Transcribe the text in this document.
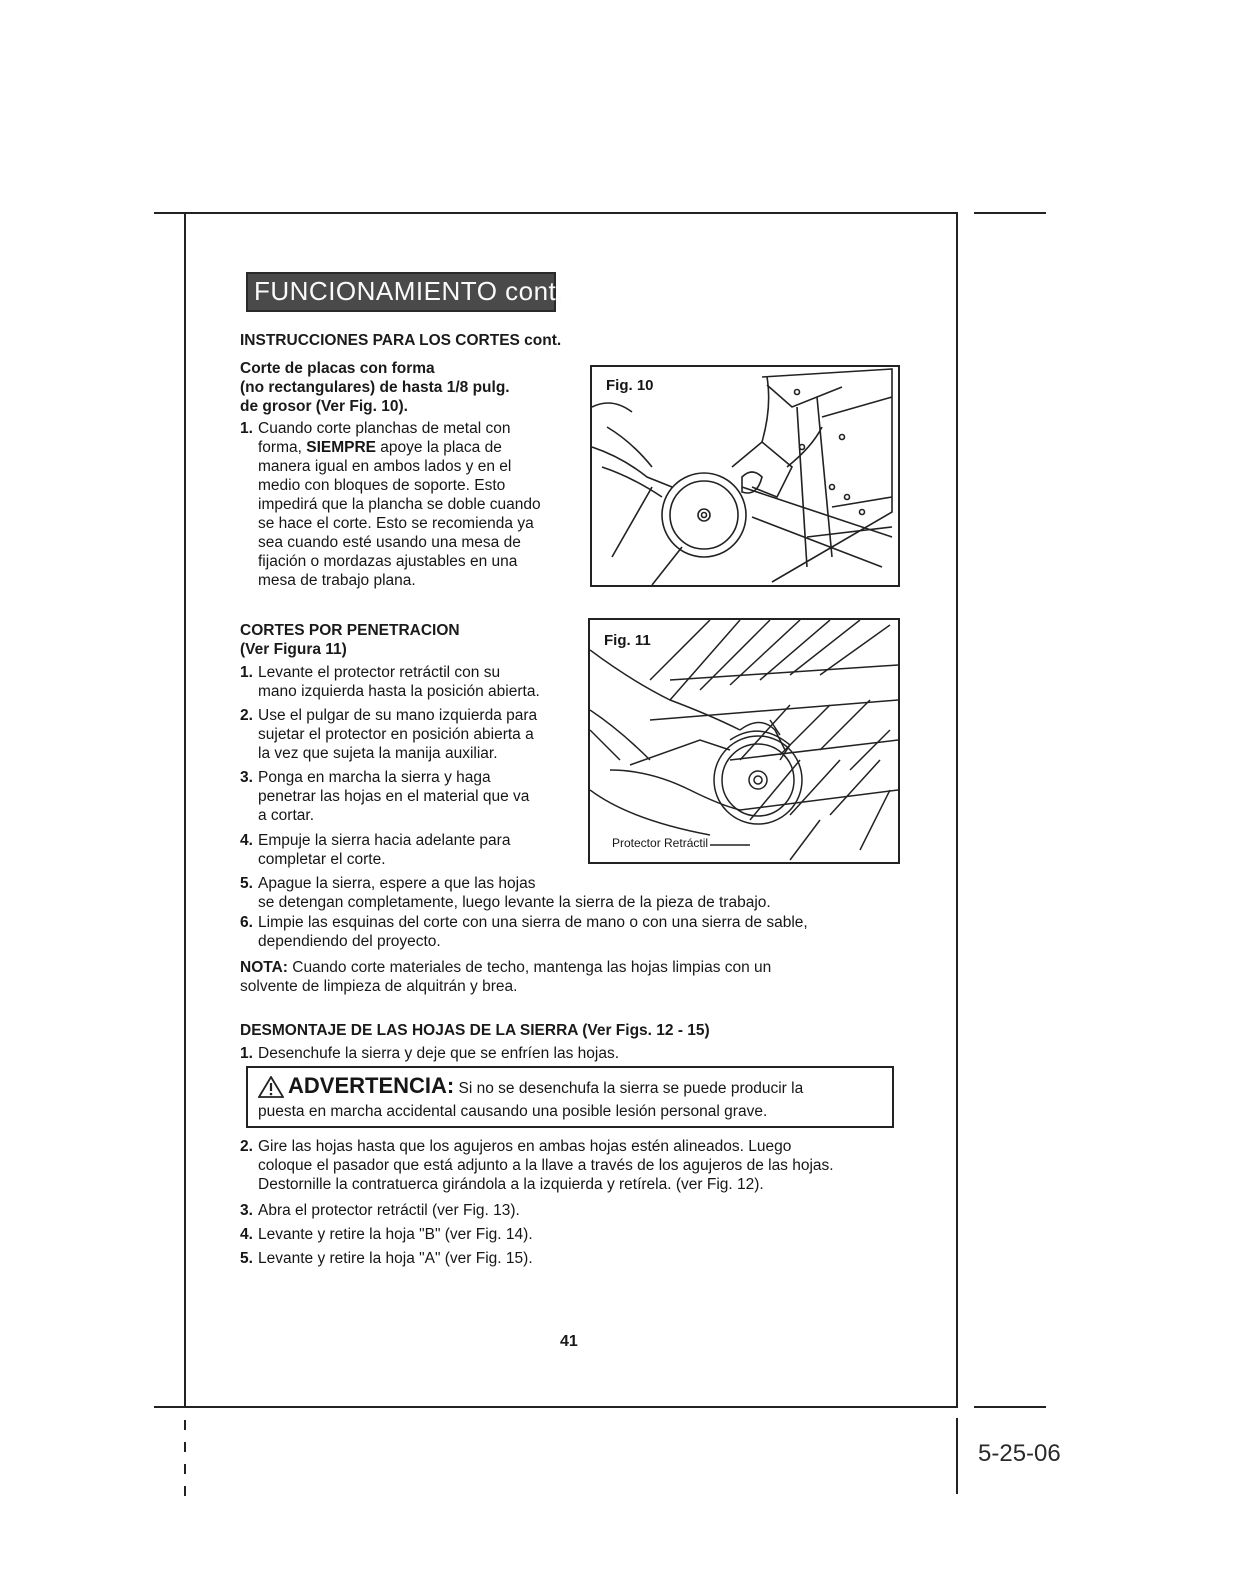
FUNCIONAMIENTO cont.
INSTRUCCIONES PARA LOS CORTES cont.
Corte de placas con forma
(no rectangulares) de hasta 1/8 pulg.
de grosor (Ver Fig. 10).
1. Cuando corte planchas de metal con
forma, SIEMPRE apoye la placa de
manera igual en ambos lados y en el
medio con bloques de soporte. Esto
impedirá que la plancha se doble cuando
se hace el corte. Esto se recomienda ya
sea cuando esté usando una mesa de
fijación o mordazas ajustables en una
mesa de trabajo plana.
Fig. 10
CORTES POR PENETRACION
(Ver Figura 11)
1. Levante el protector retráctil con su
mano izquierda hasta la posición abierta.
2. Use el pulgar de su mano izquierda para
sujetar el protector en posición abierta a
la vez que sujeta la manija auxiliar.
3. Ponga en marcha la sierra y haga
penetrar las hojas en el material que va
a cortar.
4. Empuje la sierra hacia adelante para
completar el corte.
5. Apague la sierra, espere a que las hojas
se detengan completamente, luego levante la sierra de la pieza de trabajo.
6. Limpie las esquinas del corte con una sierra de mano o con una sierra de sable,
dependiendo del proyecto.
Fig. 11
Protector Retráctil
NOTA: Cuando corte materiales de techo, mantenga las hojas limpias con un
solvente de limpieza de alquitrán y brea.
DESMONTAJE DE LAS HOJAS DE LA SIERRA (Ver Figs. 12 - 15)
1. Desenchufe la sierra y deje que se enfríen las hojas.
ADVERTENCIA: Si no se desenchufa la sierra se puede producir la
puesta en marcha accidental causando una posible lesión personal grave.
2. Gire las hojas hasta que los agujeros en ambas hojas estén alineados. Luego
coloque el pasador que está adjunto a la llave a través de los agujeros de las hojas.
Destornille la contratuerca girándola a la izquierda y retírela. (ver Fig. 12).
3. Abra el protector retráctil (ver Fig. 13).
4. Levante y retire la hoja "B" (ver Fig. 14).
5. Levante y retire la hoja "A" (ver Fig. 15).
41
5-25-06
